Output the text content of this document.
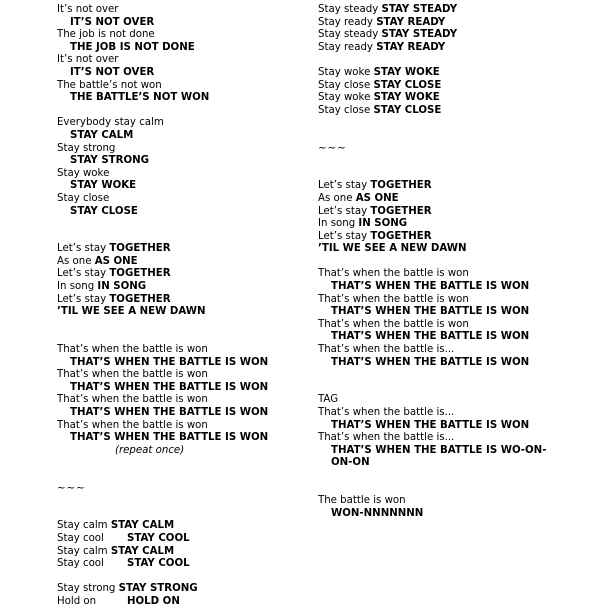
It’s not over
IT’S NOT OVER
The job is not done
THE JOB IS NOT DONE
It’s not over
IT’S NOT OVER
The battle’s not won
THE BATTLE’S NOT WON
Everybody stay calm
STAY CALM
Stay strong
STAY STRONG
Stay woke
STAY WOKE
Stay close
STAY CLOSE
Let’s stay TOGETHER
As one AS ONE
Let’s stay TOGETHER
In song IN SONG
Let’s stay TOGETHER
’TIL WE SEE A NEW DAWN
That’s when the battle is won
THAT’S WHEN THE BATTLE IS WON
That’s when the battle is won
THAT’S WHEN THE BATTLE IS WON
That’s when the battle is won
THAT’S WHEN THE BATTLE IS WON
That’s when the battle is won
THAT’S WHEN THE BATTLE IS WON
(repeat once)
~~~
Stay calm STAY CALM
Stay cool STAY COOL
Stay calm STAY CALM
Stay cool STAY COOL
Stay strong STAY STRONG
Hold on	HOLD ON
Stay steady STAY STEADY
Stay ready STAY READY
Stay steady STAY STEADY
Stay ready STAY READY
Stay woke STAY WOKE
Stay close STAY CLOSE
Stay woke STAY WOKE
Stay close STAY CLOSE
~~~
Let’s stay TOGETHER
As one AS ONE
Let’s stay TOGETHER
In song IN SONG
Let’s stay TOGETHER
’TIL WE SEE A NEW DAWN
That’s when the battle is won
THAT’S WHEN THE BATTLE IS WON
That’s when the battle is won
THAT’S WHEN THE BATTLE IS WON
That’s when the battle is won
THAT’S WHEN THE BATTLE IS WON
That’s when the battle is...
THAT’S WHEN THE BATTLE IS WON
TAG
That’s when the battle is...
THAT’S WHEN THE BATTLE IS WON
That’s when the battle is...
THAT’S WHEN THE BATTLE IS WO-ON-ON-ON
The battle is won
WON-NNNNNNN
